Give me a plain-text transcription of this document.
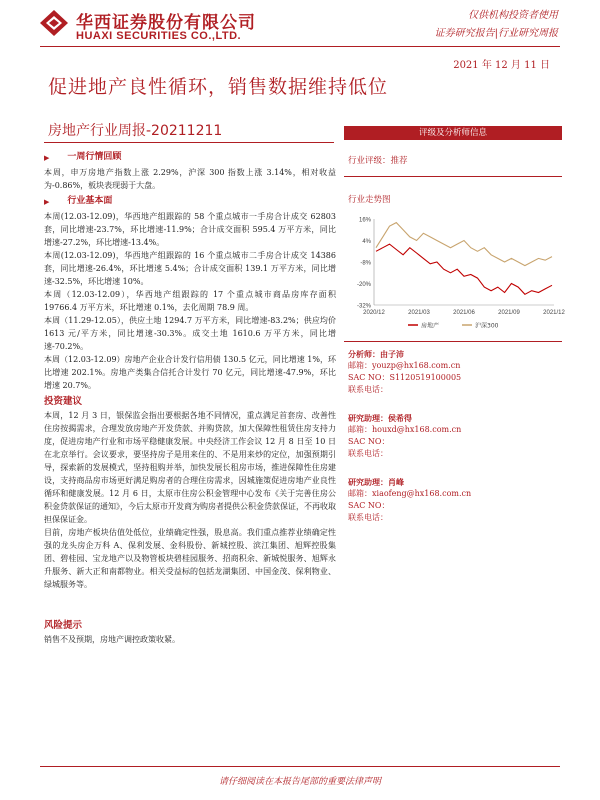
华西证券股份有限公司
HUAXI SECURITIES CO.,LTD.
仅供机构投资者使用
证券研究报告|行业研究周报
2021 年 12 月 11 日
促进地产良性循环，销售数据维持低位
房地产行业周报-20211211
▶ 一周行情回顾
本周，申万房地产指数上涨 2.29%，沪深 300 指数上涨 3.14%，相对收益为-0.86%，板块表现弱于大盘。
▶ 行业基本面
本周(12.03-12.09)，华西地产组跟踪的 58 个重点城市一手房合计成交 62803 套，同比增速-23.7%，环比增速-11.9%；合计成交面积 595.4 万平方米，同比增速-27.2%，环比增速-13.4%。
本周(12.03-12.09)，华西地产组跟踪的 16 个重点城市二手房合计成交 14386 套，同比增速-26.4%，环比增速 5.4%；合计成交面积 139.1 万平方米，同比增速-32.5%，环比增速 10%。
本周（12.03-12.09），华西地产组跟踪的 17 个重点城市商品房库存面积 19766.4 万平方米，环比增速 0.1%，去化周期 78.9 周。
本周（11.29-12.05），供应土地 1294.7 万平方米，同比增速-83.2%；供应均价 1613 元/平方米，同比增速-30.3%。成交土地 1610.6 万平方米，同比增速-70.2%。
本周（12.03-12.09）房地产企业合计发行信用债 130.5 亿元，同比增速 1%，环比增速 202.1%。房地产类集合信托合计发行 70 亿元，同比增速-47.9%，环比增速 20.7%。
投资建议
本周，12 月 3 日，银保监会指出要根据各地不同情况，重点满足首套房、改善性住房按揭需求，合理发放房地产开发贷款、并购贷款，加大保障性租赁住房支持力度，促进房地产行业和市场平稳健康发展。中央经济工作会议 12 月 8 日至 10 日在北京举行。会议要求，要坚持房子是用来住的、不是用来炒的定位，加强预期引导，探索新的发展模式，坚持租购并举，加快发展长租房市场，推进保障性住房建设，支持商品房市场更好满足购房者的合理住房需求，因城施策促进房地产业良性循环和健康发展。12 月 6 日，太原市住房公积金管理中心发布《关于完善住房公积金贷款保证的通知》，今后太原市开发商为购房者提供公积金贷款保证，不再收取担保保证金。
目前，房地产板块估值处低位，业绩确定性强，股息高。我们重点推荐业绩确定性强的龙头房企万科 A、保利发展、金科股份、新城控股、滨江集团、旭辉控股集团、碧桂园、宝龙地产以及物管板块碧桂园服务、招商积余、新城悦服务、旭辉永升服务、新大正和南都物业。相关受益标的包括龙湖集团、中国金茂、保利物业、绿城服务等。
风险提示
销售不及预期，房地产调控政策收紧。
评级及分析师信息
行业评级：推荐
行业走势图
16%
4%
-8%
-20%
-32%
2020/12	2021/03	2021/06	2021/09	2021/12
房地产	沪深300
分析师：由子沛
邮箱：youzp@hx168.com.cn
SAC NO：S1120519100005
联系电话：
研究助理：侯希得
邮箱：houxd@hx168.com.cn
SAC NO：
联系电话：
研究助理：肖峰
邮箱：xiaofeng@hx168.com.cn
SAC NO：
联系电话：
请仔细阅读在本报告尾部的重要法律声明
